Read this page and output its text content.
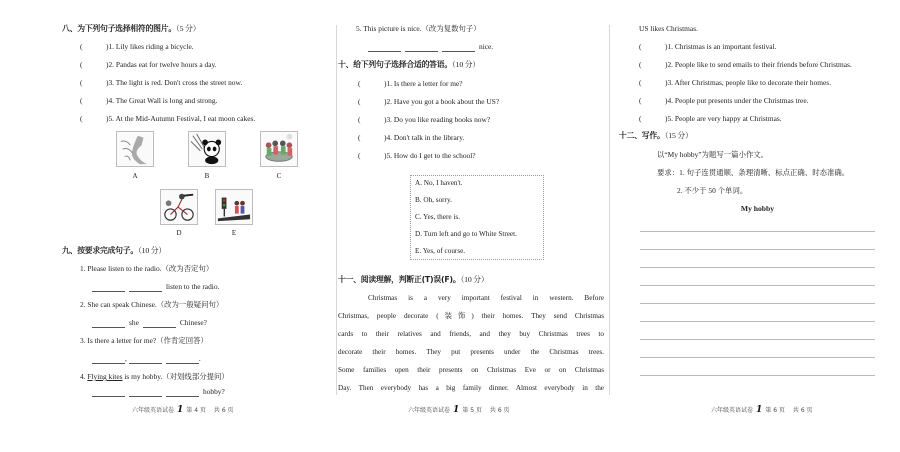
八、为下列句子选择相符的图片。（5 分）
(	)1. Lily likes riding a bicycle.
(	)2. Pandas eat for twelve hours a day.
(	)3. The light is red. Don't cross the street now.
(	)4. The Great Wall is long and strong.
(	)5. At the Mid-Autumn Festival, I eat moon cakes.
A	B	C
D	E
九、按要求完成句子。（10 分）
1. Please listen to the radio.（改为否定句）
listen to the radio.
2. She can speak Chinese.（改为一般疑问句）
she	Chinese?
3. Is there a letter for me?（作肯定回答）
,	.
4. Flying kites is my hobby.（对划线部分提问）
hobby?
六年级英语试卷 1 第 4 页 共 6 页
5. This picture is nice.（改为复数句子）
nice.
十、给下列句子选择合适的答语。（10 分）
(	)1. Is there a letter for me?
(	)2. Have you got a book about the US?
(	)3. Do you like reading books now?
(	)4. Don't talk in the library.
(	)5. How do I get to the school?
A. No, I haven't.
B. Oh, sorry.
C. Yes, there is.
D. Turn left and go to White Street.
E. Yes, of course.
十一、阅读理解，判断正(T)误(F)。（10 分）
Christmas is a very important festival in western. Before
Christmas, people decorate (装饰) their homes. They send Christmas
cards to their relatives and friends, and they buy Christmas trees to
decorate their homes. They put presents under the Christmas trees.
Some families open their presents on Christmas Eve or on Christmas
Day. Then everybody has a big family dinner. Almost everybody in the
六年级英语试卷 1 第 5 页 共 6 页
US likes Christmas.
(	)1. Christmas is an important festival.
(	)2. People like to send emails to their friends before Christmas.
(	)3. After Christmas, people like to decorate their homes.
(	)4. People put presents under the Christmas tree.
(	)5. People are very happy at Christmas.
十二、写作。（15 分）
以“My hobby”为题写一篇小作文。
要求：1. 句子连贯通顺、条理清晰、标点正确、时态准确。
2. 不少于 50 个单词。
My hobby
六年级英语试卷 1 第 6 页 共 6 页
